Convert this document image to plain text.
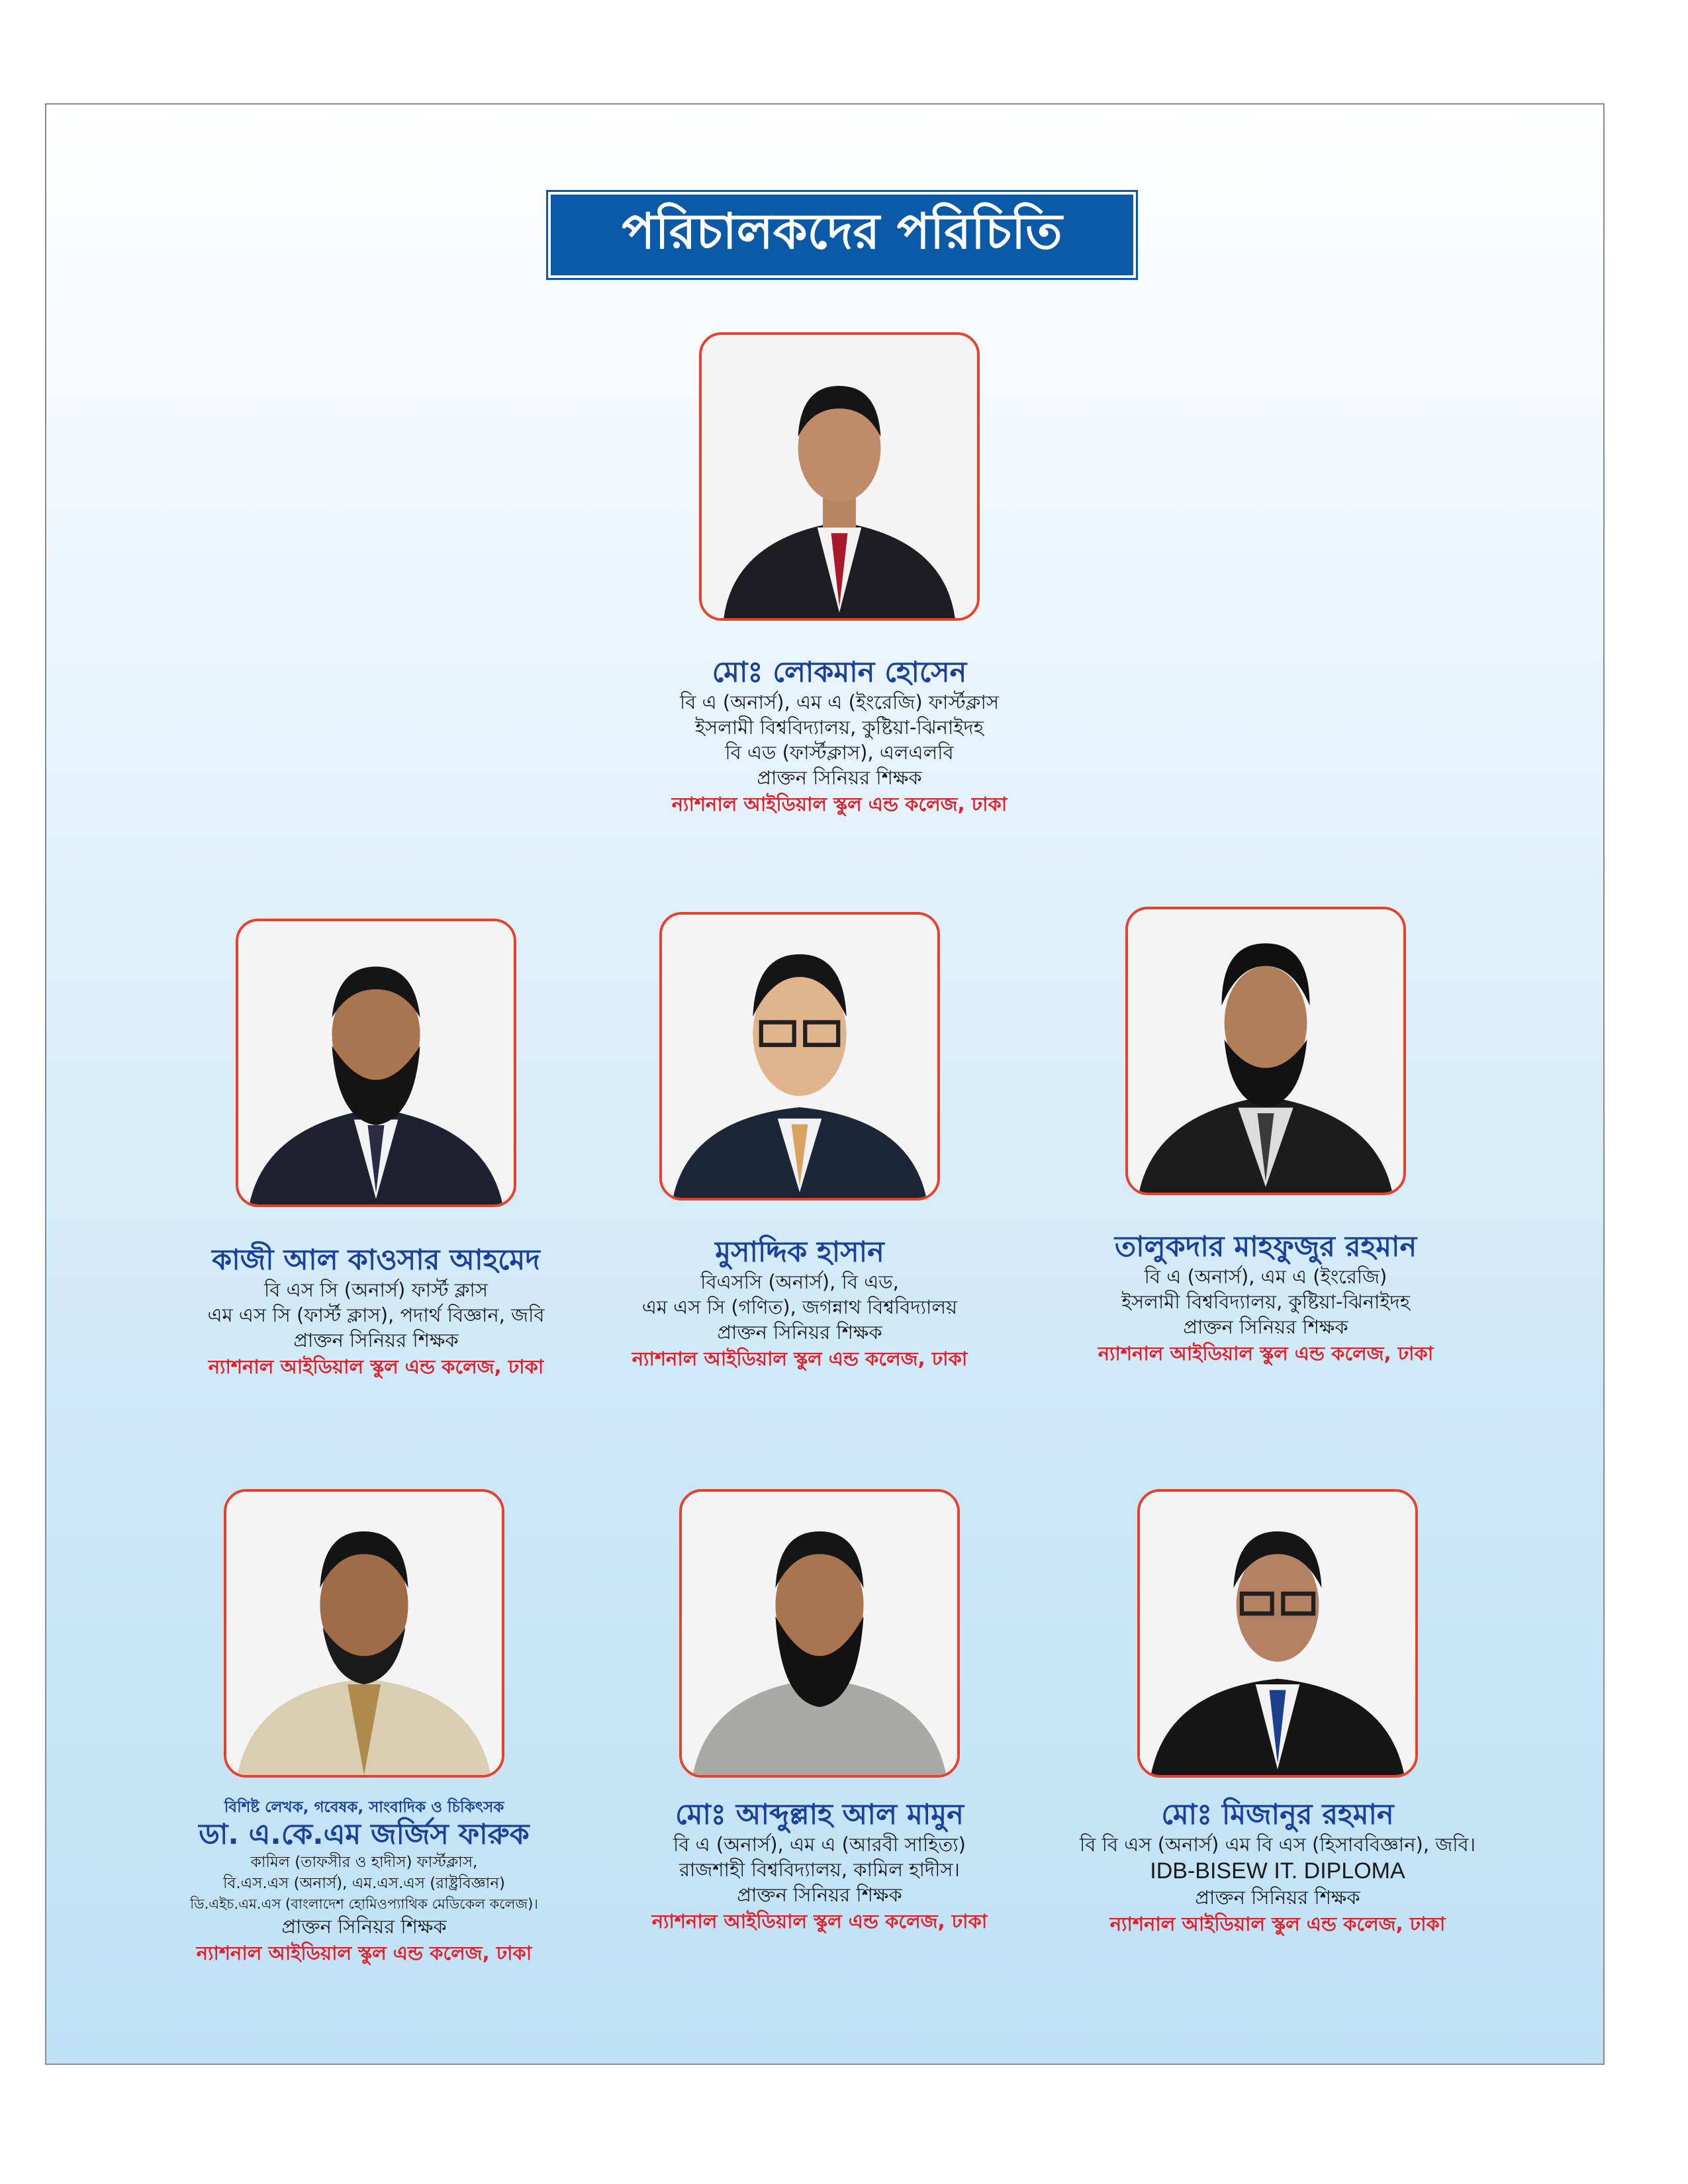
পরিচালকদের পরিচিতি
মোঃ লোকমান হোসেন
বি এ (অনার্স), এম এ (ইংরেজি) ফার্স্টক্লাস
ইসলামী বিশ্ববিদ্যালয়, কুষ্টিয়া-ঝিনাইদহ
বি এড (ফার্স্টক্লাস), এলএলবি
প্রাক্তন সিনিয়র শিক্ষক
ন্যাশনাল আইডিয়াল স্কুল এন্ড কলেজ, ঢাকা
কাজী আল কাওসার আহমেদ
বি এস সি (অনার্স) ফার্স্ট ক্লাস
এম এস সি (ফার্স্ট ক্লাস), পদার্থ বিজ্ঞান, জবি
প্রাক্তন সিনিয়র শিক্ষক
ন্যাশনাল আইডিয়াল স্কুল এন্ড কলেজ, ঢাকা
মুসাদ্দিক হাসান
বিএসসি (অনার্স), বি এড,
এম এস সি (গণিত), জগন্নাথ বিশ্ববিদ্যালয়
প্রাক্তন সিনিয়র শিক্ষক
ন্যাশনাল আইডিয়াল স্কুল এন্ড কলেজ, ঢাকা
তালুকদার মাহফুজুর রহমান
বি এ (অনার্স), এম এ (ইংরেজি)
ইসলামী বিশ্ববিদ্যালয়, কুষ্টিয়া-ঝিনাইদহ
প্রাক্তন সিনিয়র শিক্ষক
ন্যাশনাল আইডিয়াল স্কুল এন্ড কলেজ, ঢাকা
বিশিষ্ট লেখক, গবেষক, সাংবাদিক ও চিকিৎসক
ডা. এ.কে.এম জর্জিস ফারুক
কামিল (তাফসীর ও হাদীস) ফার্স্টক্লাস,
বি.এস.এস (অনার্স), এম.এস.এস (রাষ্ট্রবিজ্ঞান)
ডি.এইচ.এম.এস (বাংলাদেশ হোমিওপ্যাথিক মেডিকেল কলেজ)।
প্রাক্তন সিনিয়র শিক্ষক
ন্যাশনাল আইডিয়াল স্কুল এন্ড কলেজ, ঢাকা
মোঃ আব্দুল্লাহ আল মামুন
বি এ (অনার্স), এম এ (আরবী সাহিত্য)
রাজশাহী বিশ্ববিদ্যালয়, কামিল হাদীস।
প্রাক্তন সিনিয়র শিক্ষক
ন্যাশনাল আইডিয়াল স্কুল এন্ড কলেজ, ঢাকা
মোঃ মিজানুর রহমান
বি বি এস (অনার্স) এম বি এস (হিসাববিজ্ঞান), জবি।
IDB-BISEW IT. DIPLOMA
প্রাক্তন সিনিয়র শিক্ষক
ন্যাশনাল আইডিয়াল স্কুল এন্ড কলেজ, ঢাকা
